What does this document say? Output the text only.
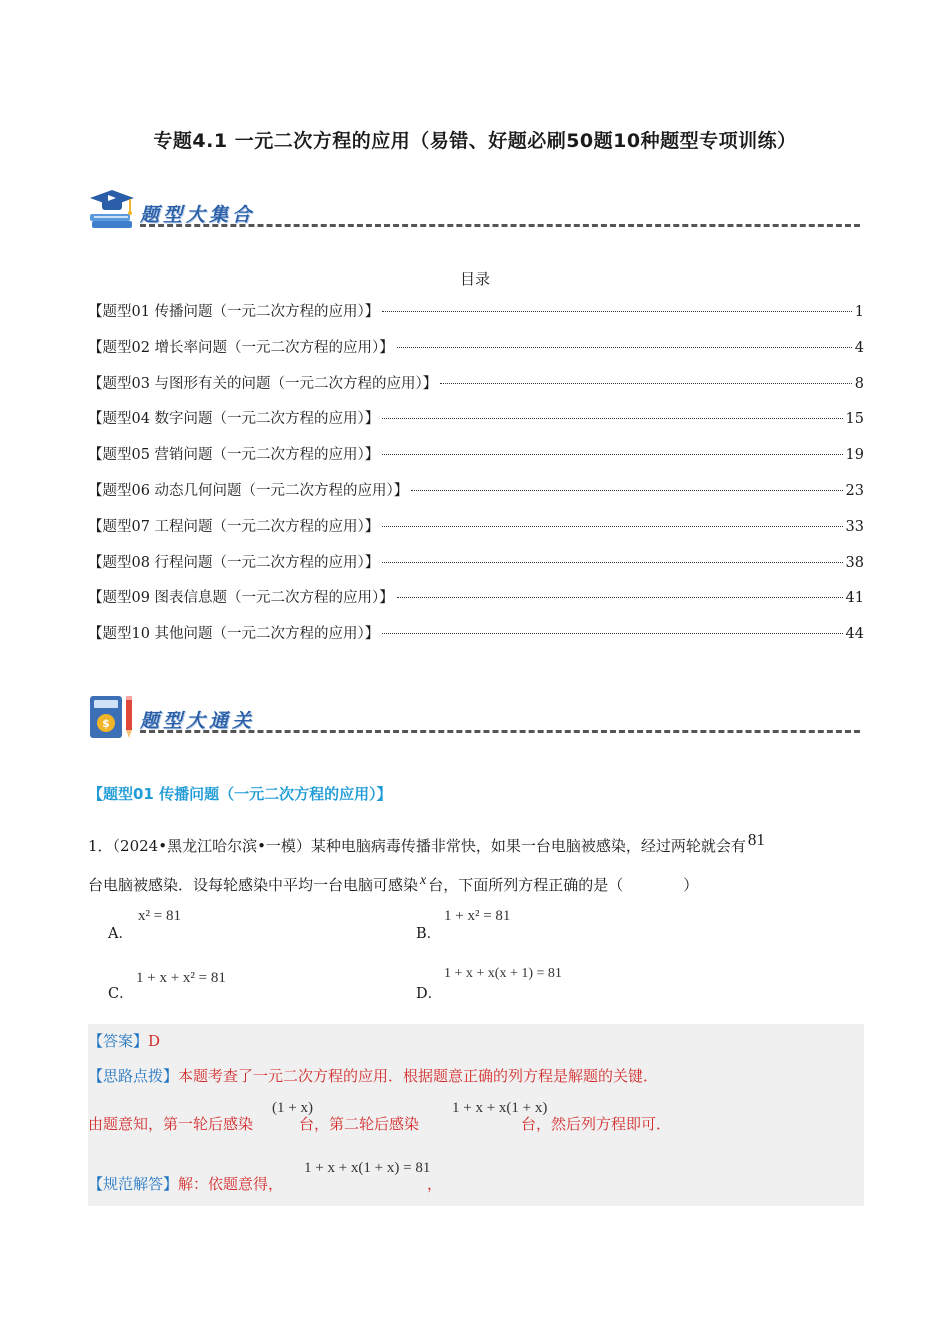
专题4.1 一元二次方程的应用（易错、好题必刷50题10种题型专项训练）
题型大集合
目录
【题型01 传播问题（一元二次方程的应用）】	1
【题型02 增长率问题（一元二次方程的应用）】	4
【题型03 与图形有关的问题（一元二次方程的应用）】	8
【题型04 数字问题（一元二次方程的应用）】	15
【题型05 营销问题（一元二次方程的应用）】	19
【题型06 动态几何问题（一元二次方程的应用）】	23
【题型07 工程问题（一元二次方程的应用）】	33
【题型08 行程问题（一元二次方程的应用）】	38
【题型09 图表信息题（一元二次方程的应用）】	41
【题型10 其他问题（一元二次方程的应用）】	44
$ 题型大通关
【题型01 传播问题（一元二次方程的应用）】
1．（2024•黑龙江哈尔滨•一模）某种电脑病毒传播非常快，如果一台电脑被感染，经过两轮就会有 81
台电脑被感染．设每轮感染中平均一台电脑可感染 x 台，下面所列方程正确的是（　　　　）
A．
x² = 81
B．
1 + x² = 81
C．
1 + x + x² = 81
D．
1 + x + x(x + 1) = 81
【答案】D
【思路点拨】本题考查了一元二次方程的应用．根据题意正确的列方程是解题的关键．
由题意知，第一轮后感染	台，第二轮后感染	台，然后列方程即可．
(1 + x)	1 + x + x(1 + x)
【规范解答】解：依题意得，	，
1 + x + x(1 + x) = 81
